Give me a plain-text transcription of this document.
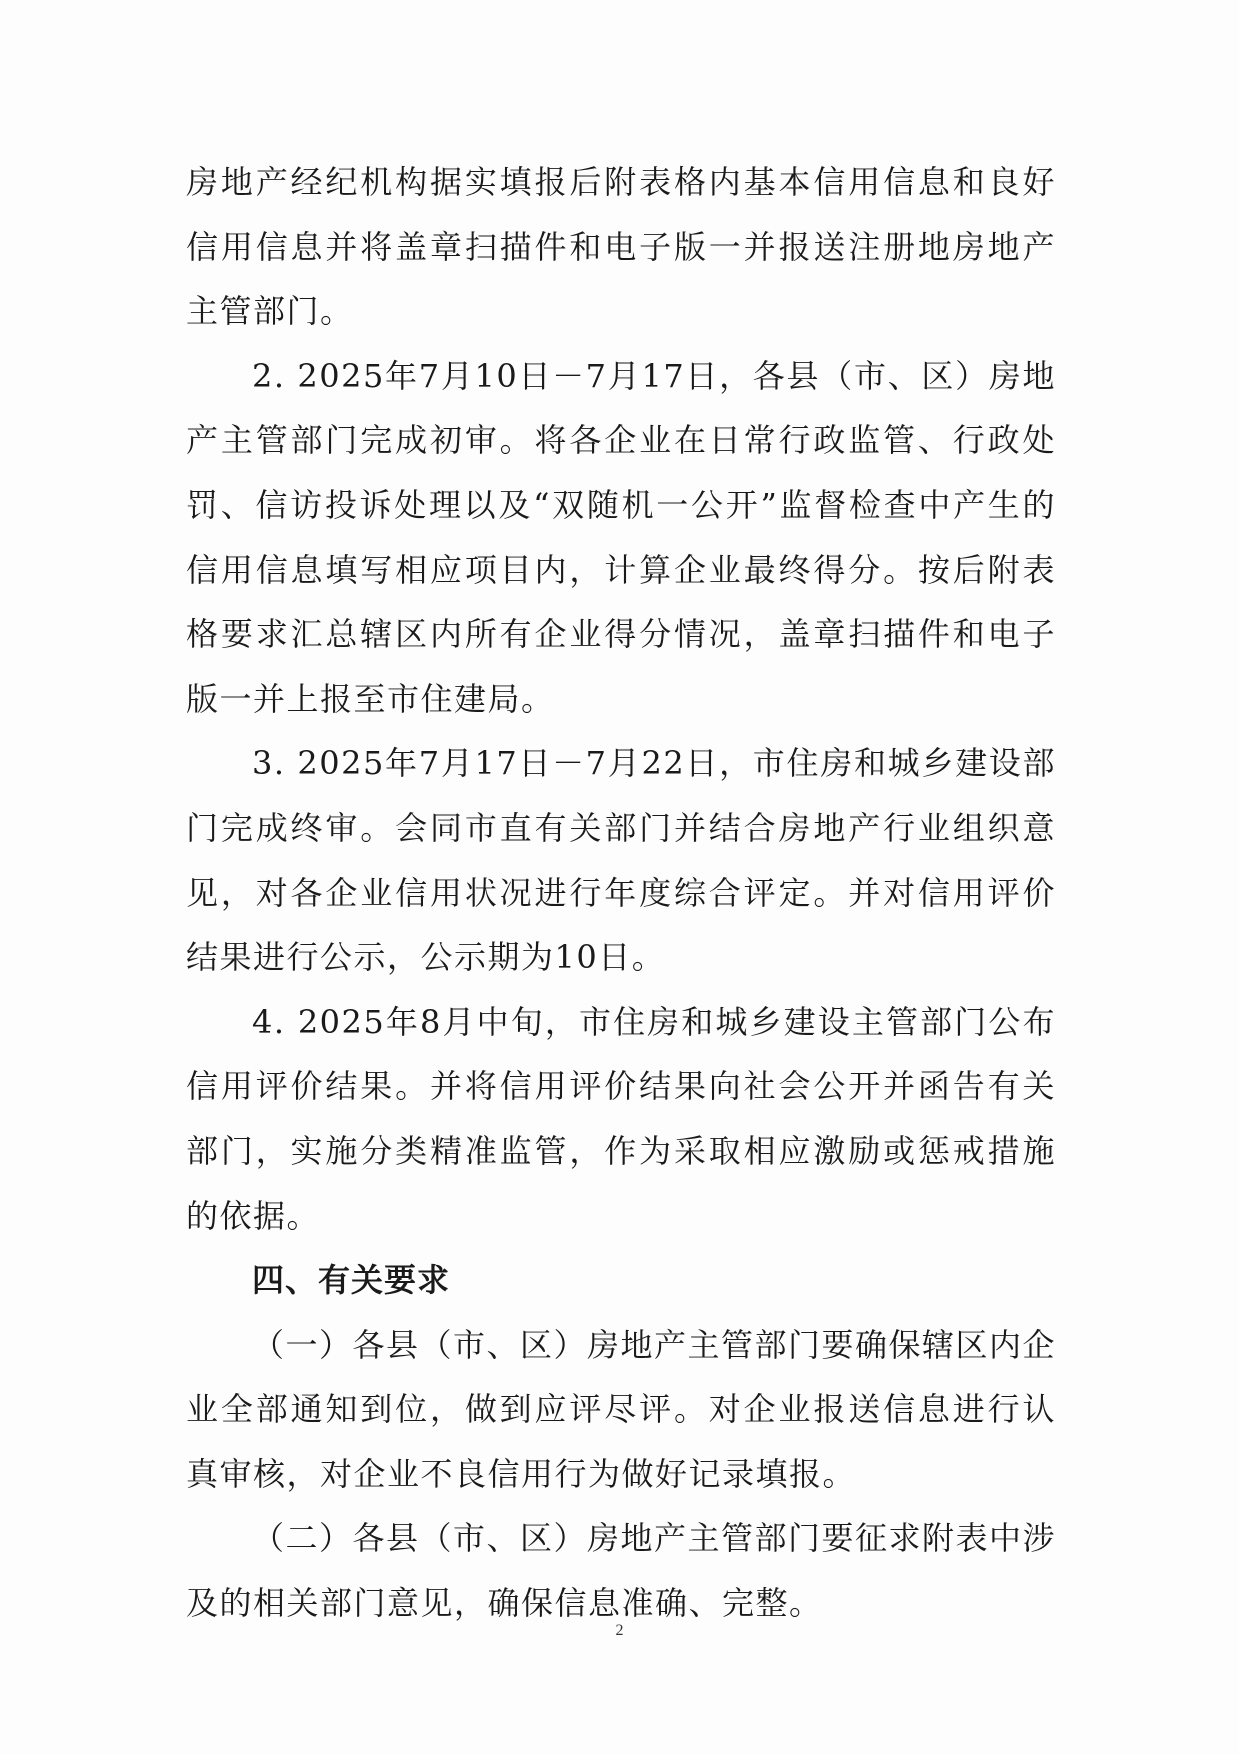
房地产经纪机构据实填报后附表格内基本信用信息和良好信用信息并将盖章扫描件和电子版一并报送注册地房地产主管部门。

2. 2025年7月10日－7月17日，各县（市、区）房地产主管部门完成初审。将各企业在日常行政监管、行政处罚、信访投诉处理以及“双随机一公开”监督检查中产生的信用信息填写相应项目内，计算企业最终得分。按后附表格要求汇总辖区内所有企业得分情况，盖章扫描件和电子版一并上报至市住建局。

3. 2025年7月17日－7月22日，市住房和城乡建设部门完成终审。会同市直有关部门并结合房地产行业组织意见，对各企业信用状况进行年度综合评定。并对信用评价结果进行公示，公示期为10日。

4. 2025年8月中旬，市住房和城乡建设主管部门公布信用评价结果。并将信用评价结果向社会公开并函告有关部门，实施分类精准监管，作为采取相应激励或惩戒措施的依据。

四、有关要求

（一）各县（市、区）房地产主管部门要确保辖区内企业全部通知到位，做到应评尽评。对企业报送信息进行认真审核，对企业不良信用行为做好记录填报。

（二）各县（市、区）房地产主管部门要征求附表中涉及的相关部门意见，确保信息准确、完整。

2
